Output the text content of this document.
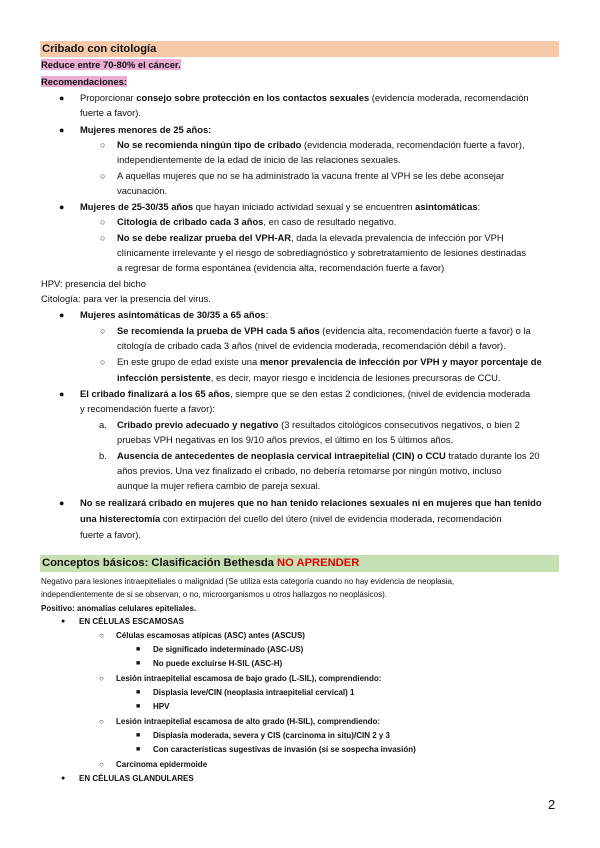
Cribado con citología
Reduce entre 70-80% el cáncer.
Recomendaciones:
● Proporcionar consejo sobre protección en los contactos sexuales (evidencia moderada, recomendación
fuerte a favor).
● Mujeres menores de 25 años:
○ No se recomienda ningún tipo de cribado (evidencia moderada, recomendación fuerte a favor),
independientemente de la edad de inicio de las relaciones sexuales.
○ A aquellas mujeres que no se ha administrado la vacuna frente al VPH se les debe aconsejar
vacunación.
● Mujeres de 25-30/35 años que hayan iniciado actividad sexual y se encuentren asintomáticas:
○ Citología de cribado cada 3 años, en caso de resultado negativo.
○ No se debe realizar prueba del VPH-AR, dada la elevada prevalencia de infección por VPH
clínicamente irrelevante y el riesgo de sobrediagnóstico y sobretratamiento de lesiones destinadas
a regresar de forma espontánea (evidencia alta, recomendación fuerte a favor)
HPV: presencia del bicho
Citología: para ver la presencia del virus.
● Mujeres asintomáticas de 30/35 a 65 años:
○ Se recomienda la prueba de VPH cada 5 años (evidencia alta, recomendación fuerte a favor) o la
citología de cribado cada 3 años (nivel de evidencia moderada, recomendación débil a favor).
○ En este grupo de edad existe una menor prevalencia de infección por VPH y mayor porcentaje de
infección persistente, es decir, mayor riesgo e incidencia de lesiones precursoras de CCU.
● El cribado finalizará a los 65 años, siempre que se den estas 2 condiciones, (nivel de evidencia moderada
y recomendación fuerte a favor):
a. Cribado previo adecuado y negativo (3 resultados citológicos consecutivos negativos, o bien 2
pruebas VPH negativas en los 9/10 años previos, el último en los 5 últimos años.
b. Ausencia de antecedentes de neoplasia cervical intraepitelial (CIN) o CCU tratado durante los 20
años previos. Una vez finalizado el cribado, no debería retomarse por ningún motivo, incluso
aunque la mujer refiera cambio de pareja sexual.
● No se realizará cribado en mujeres que no han tenido relaciones sexuales ni en mujeres que han tenido
una histerectomía con extirpación del cuello del útero (nivel de evidencia moderada, recomendación
fuerte a favor).
Conceptos básicos: Clasificación Bethesda NO APRENDER
Negativo para lesiones intraepiteliales o malignidad (Se utiliza esta categoría cuando no hay evidencia de neoplasia,
independientemente de si se observan, o no, microorganismos u otros hallazgos no neoplásicos).
Positivo: anomalías celulares epiteliales.
● EN CÉLULAS ESCAMOSAS
○ Células escamosas atípicas (ASC) antes (ASCUS)
■ De significado indeterminado (ASC-US)
■ No puede excluirse H-SIL (ASC-H)
○ Lesión intraepitelial escamosa de bajo grado (L-SIL), comprendiendo:
■ Displasia leve/CIN (neoplasia intraepitelial cervical) 1
■ HPV
○ Lesión intraepitelial escamosa de alto grado (H-SIL), comprendiendo:
■ Displasia moderada, severa y CIS (carcinoma in situ)/CIN 2 y 3
■ Con características sugestivas de invasión (si se sospecha invasión)
○ Carcinoma epidermoide
● EN CÉLULAS GLANDULARES
2
